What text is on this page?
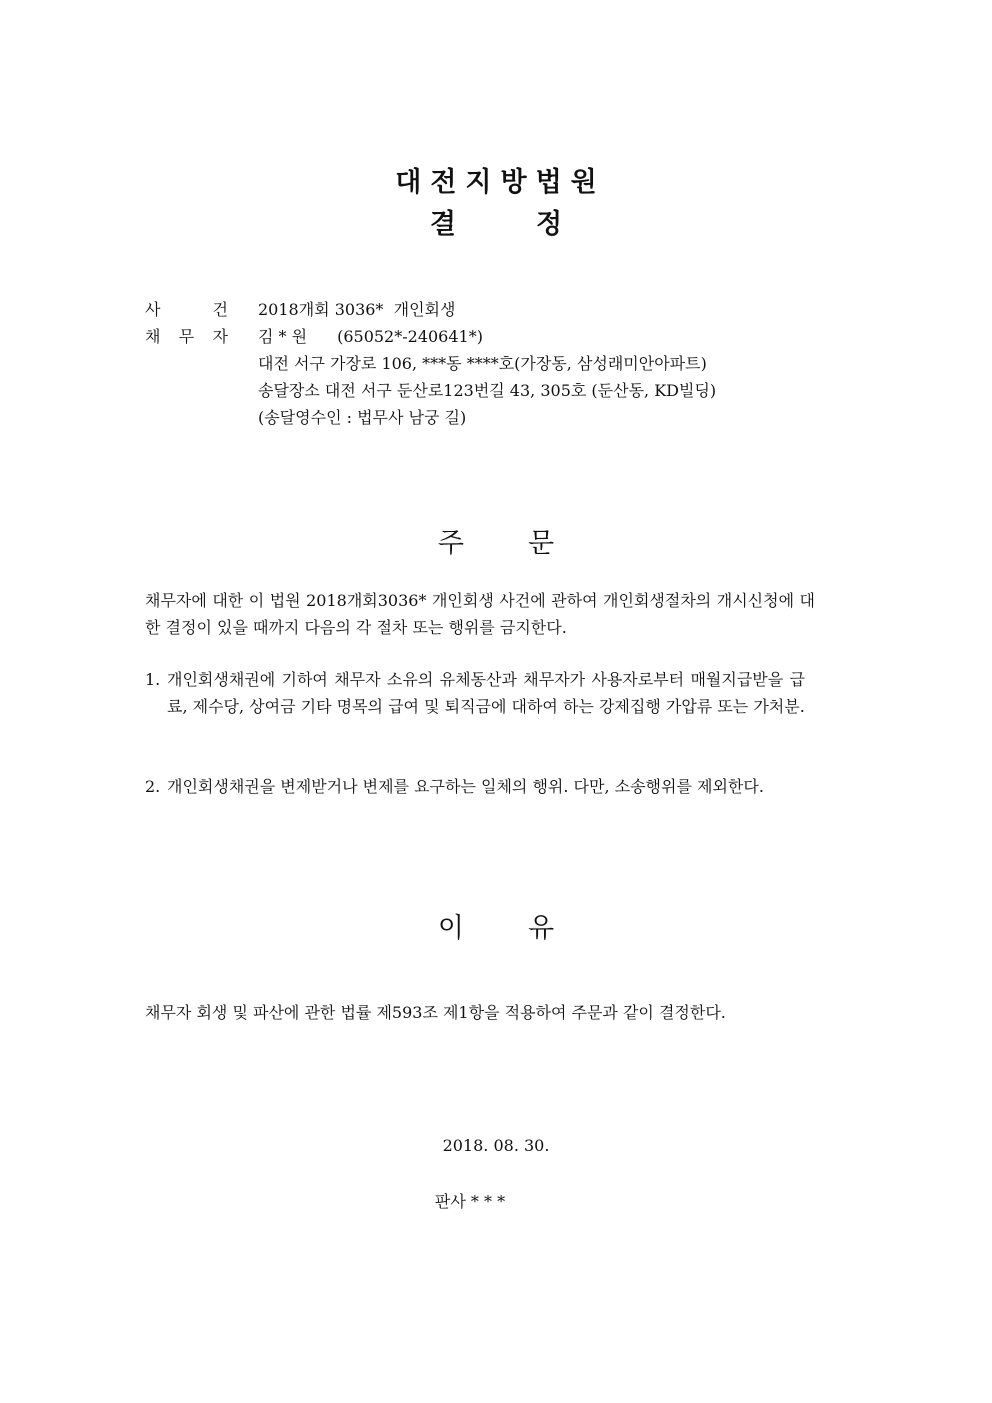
대전지방법원
결	정
사	건 2018개회 3036*  개인회생
채 무 자 김 * 원 (65052*-240641*)
대전 서구 가장로 106, ***동 ****호(가장동, 삼성래미안아파트)
송달장소 대전 서구 둔산로123번길 43, 305호 (둔산동, KD빌딩)
(송달영수인 : 법무사 남궁 길)
주 문
채무자에 대한 이 법원 2018개회3036* 개인회생 사건에 관하여 개인회생절차의 개시신청에 대한 결정이 있을 때까지 다음의 각 절차 또는 행위를 금지한다.
1. 개인회생채권에 기하여 채무자 소유의 유체동산과 채무자가 사용자로부터 매월지급받을 급료, 제수당, 상여금 기타 명목의 급여 및 퇴직금에 대하여 하는 강제집행 가압류 또는 가처분.
2. 개인회생채권을 변제받거나 변제를 요구하는 일체의 행위. 다만, 소송행위를 제외한다.
이 유
채무자 회생 및 파산에 관한 법률 제593조 제1항을 적용하여 주문과 같이 결정한다.
2018. 08. 30.
판사 * * *
